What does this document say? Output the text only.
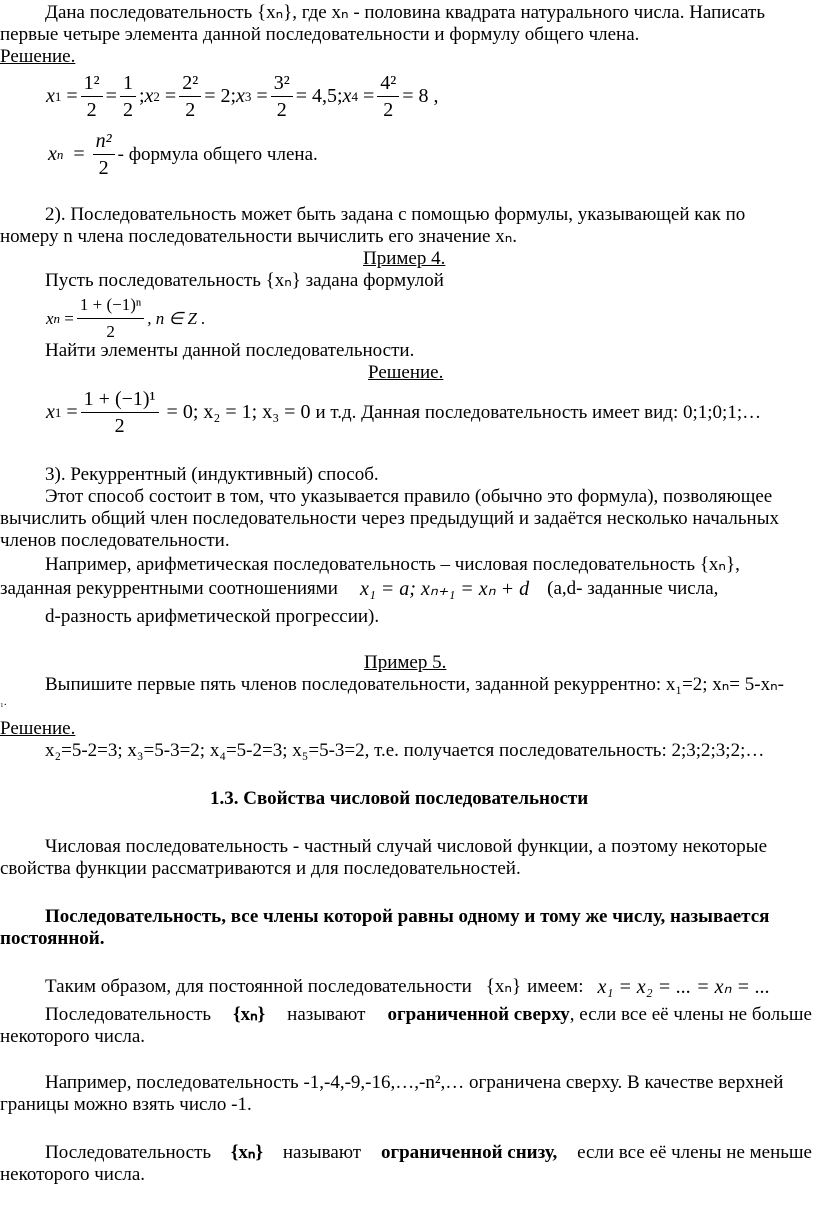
Дана последовательность {xₙ}, где xₙ - половина квадрата натурального числа. Написать
первые четыре элемента данной последовательности и формулу общего члена.
Решение.
x $1 = \frac{\text{1²}}{2} = \frac{1}{2}$ ; x $2 = \frac{\text{2²}}{2} = 2$ ; x $3 = \frac{\text{3²}}{2} = 4,5$ ; x $4 = \frac{\text{4²}}{2} = 8$ ,
x $n = \frac{\text{n²}}{2}$ - формула общего члена.
2). Последовательность может быть задана с помощью формулы, указывающей как по
номеру n члена последовательности вычислить его значение xₙ.
Пример 4.
Пусть последовательность {xₙ} задана формулой
x $n = \frac{\text{1 + (−1)ⁿ}}{2}$ , n ∈ Z .
Найти элементы данной последовательности.
Решение.
x $1 = \frac{\text{1 + (−1)¹}}{2}$
= 0; x₂ = 1; x₃ = 0
и т.д. Данная последовательность имеет вид: 0;1;0;1;…
3). Рекуррентный (индуктивный) способ.
Этот способ состоит в том, что указывается правило (обычно это формула), позволяющее
вычислить общий член последовательности через предыдущий и задаётся несколько начальных
членов последовательности.
Например, арифметическая последовательность – числовая последовательность {xₙ},
заданная рекуррентными соотношениями x₁ = a; xₙ₊₁ = xₙ + d (a,d- заданные числа,
d-разность арифметической прогрессии).
Пример 5.
Выпишите первые пять членов последовательности, заданной рекуррентно: x₁=2; xₙ= 5-xₙ-
₁.
Решение.
x₂=5-2=3; x₃=5-3=2; x₄=5-2=3; x₅=5-3=2, т.е. получается последовательность: 2;3;2;3;2;…
1.3. Свойства числовой последовательности
Числовая последовательность - частный случай числовой функции, а поэтому некоторые
свойства функции рассматриваются и для последовательностей.
Последовательность, все члены которой равны одному и тому же числу, называется
постоянной.
Таким образом, для постоянной последовательности {xₙ} имеем: x₁ = x₂ = ... = xₙ = ...
Последовательность {xₙ} называют ограниченной сверху, если все её члены не больше
некоторого числа.
Например, последовательность -1,-4,-9,-16,…,-n²,… ограничена сверху. В качестве верхней
границы можно взять число -1.
Последовательность {xₙ} называют ограниченной снизу, если все её члены не меньше
некоторого числа.
